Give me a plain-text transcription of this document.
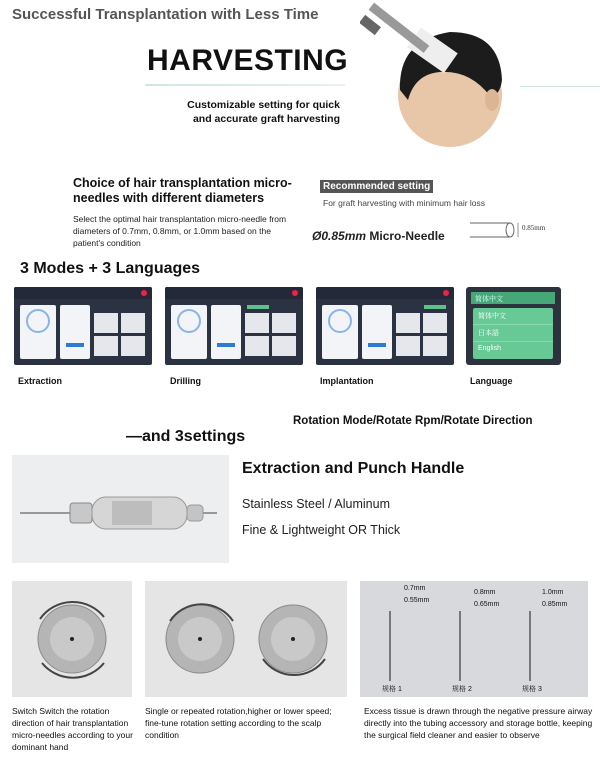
Successful Transplantation with Less Time
HARVESTING
Customizable setting for quick
and accurate graft harvesting
Choice of hair transplantation micro-needles with different diameters
Select the optimal hair transplantation micro-needle from diameters of 0.7mm, 0.8mm, or 1.0mm based on the patient's condition
Recommended setting
For graft harvesting with minimum hair loss
Ø0.85mm Micro-Needle
0.85mm
3 Modes + 3 Languages
简体中文
简体中文
日本語
English
Extraction	Drilling	Implantation	Language
Rotation Mode/Rotate Rpm/Rotate Direction
—and 3settings
Extraction and Punch Handle
Stainless Steel / Aluminum
Fine & Lightweight OR Thick
0.7mm
0.55mm
0.8mm
0.65mm
1.0mm
0.85mm
规格 1	规格 2	规格 3
Switch Switch the rotation direction of hair transplantation micro-needles according to your dominant hand
Single or repeated rotation,higher or lower speed; fine-tune rotation setting according to the scalp condition
Excess tissue is drawn through the negative pressure airway directly into the tubing accessory and storage bottle, keeping the surgical field cleaner and easier to observe
